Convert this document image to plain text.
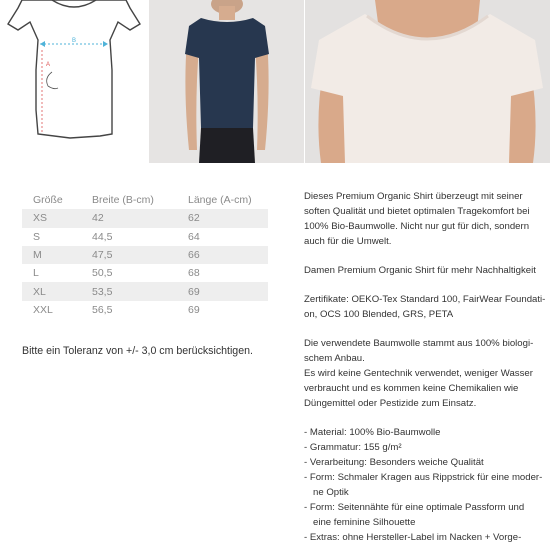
B
A
Größe	Breite (B-cm)	Länge (A-cm)
XS	42	62
S	44,5	64
M	47,5	66
L	50,5	68
XL	53,5	69
XXL	56,5	69
Bitte ein Toleranz von +/- 3,0 cm berücksichtigen.

Dieses Premium Organic Shirt überzeugt mit seiner

soften Qualität und bietet optimalen Tragekomfort bei

100% Bio-Baumwolle. Nicht nur gut für dich, sondern

auch für die Umwelt.

Damen Premium Organic Shirt für mehr Nachhaltigkeit

Zertifikate: OEKO-Tex Standard 100, FairWear Foundati-

on, OCS 100 Blended, GRS, PETA

Die verwendete Baumwolle stammt aus 100% biologi-

schem Anbau.

Es wird keine Gentechnik verwendet, weniger Wasser

verbraucht und es kommen keine Chemikalien wie

Düngemittel oder Pestizide zum Einsatz.

- Material: 100% Bio-Baumwolle
- Grammatur: 155 g/m²
- Verarbeitung: Besonders weiche Qualität
- Form: Schmaler Kragen aus Rippstrick für eine moder-
ne Optik
- Form: Seitennähte für eine optimale Passform und
eine feminine Silhouette
- Extras: ohne Hersteller-Label im Nacken + Vorge-
